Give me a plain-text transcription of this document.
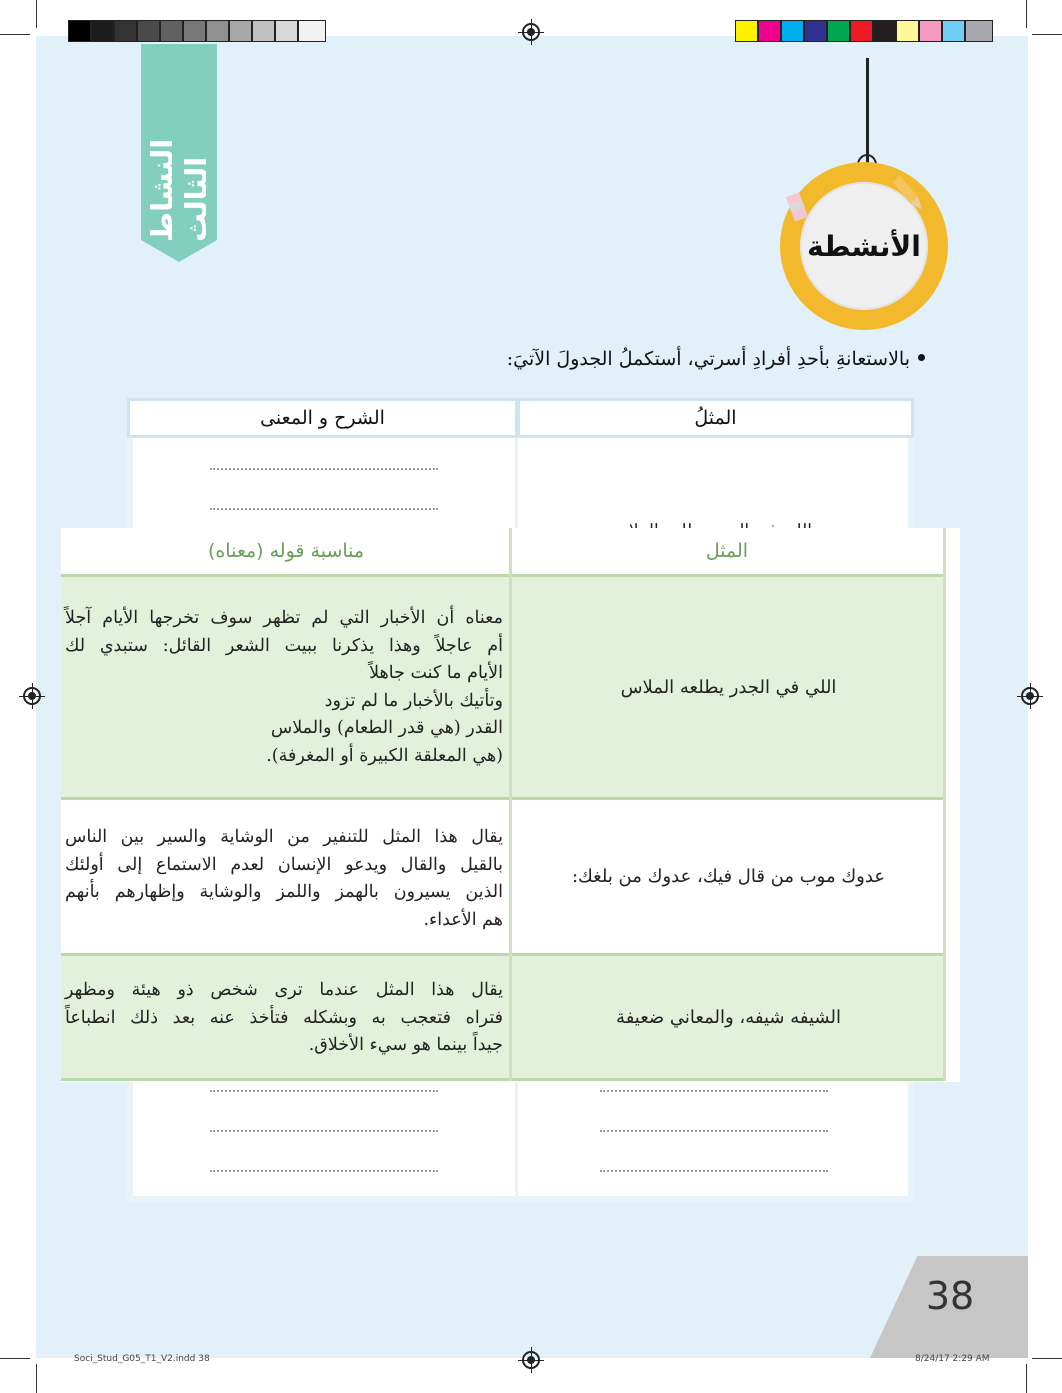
النشاط الثالث
الأنشطة
بالاستعانةِ بأحدِ أفرادِ أسرتي، أستكملُ الجدولَ الآتيَ:
المثلُ
الشرح و المعنى
المثل
مناسبة قوله (معناه)
اللي في الجدر يطلعه الملاس
معناه أن الأخبار التي لم تظهر سوف تخرجها الأيام آجلاً
أم عاجلاً وهذا يذكرنا ببيت الشعر القائل: ستبدي لك
الأيام ما كنت جاهلاً
وتأتيك بالأخبار ما لم تزود
القدر (هي قدر الطعام) والملاس
(هي المعلقة الكبيرة أو المغرفة).
عدوك موب من قال فيك، عدوك من بلغك:
يقال هذا المثل للتنفير من الوشاية والسير بين الناس
بالقيل والقال ويدعو الإنسان لعدم الاستماع إلى أولئك
الذين يسيرون بالهمز واللمز والوشاية وإظهارهم بأنهم
هم الأعداء.
الشيفه شيفه، والمعاني ضعيفة
يقال هذا المثل عندما ترى شخص ذو هيئة ومظهر
فتراه فتعجب به وبشكله فتأخذ عنه بعد ذلك انطباعاً
جيداً بينما هو سيء الأخلاق.
38
Soci_Stud_G05_T1_V2.indd 38	8/24/17 2:29 AM
